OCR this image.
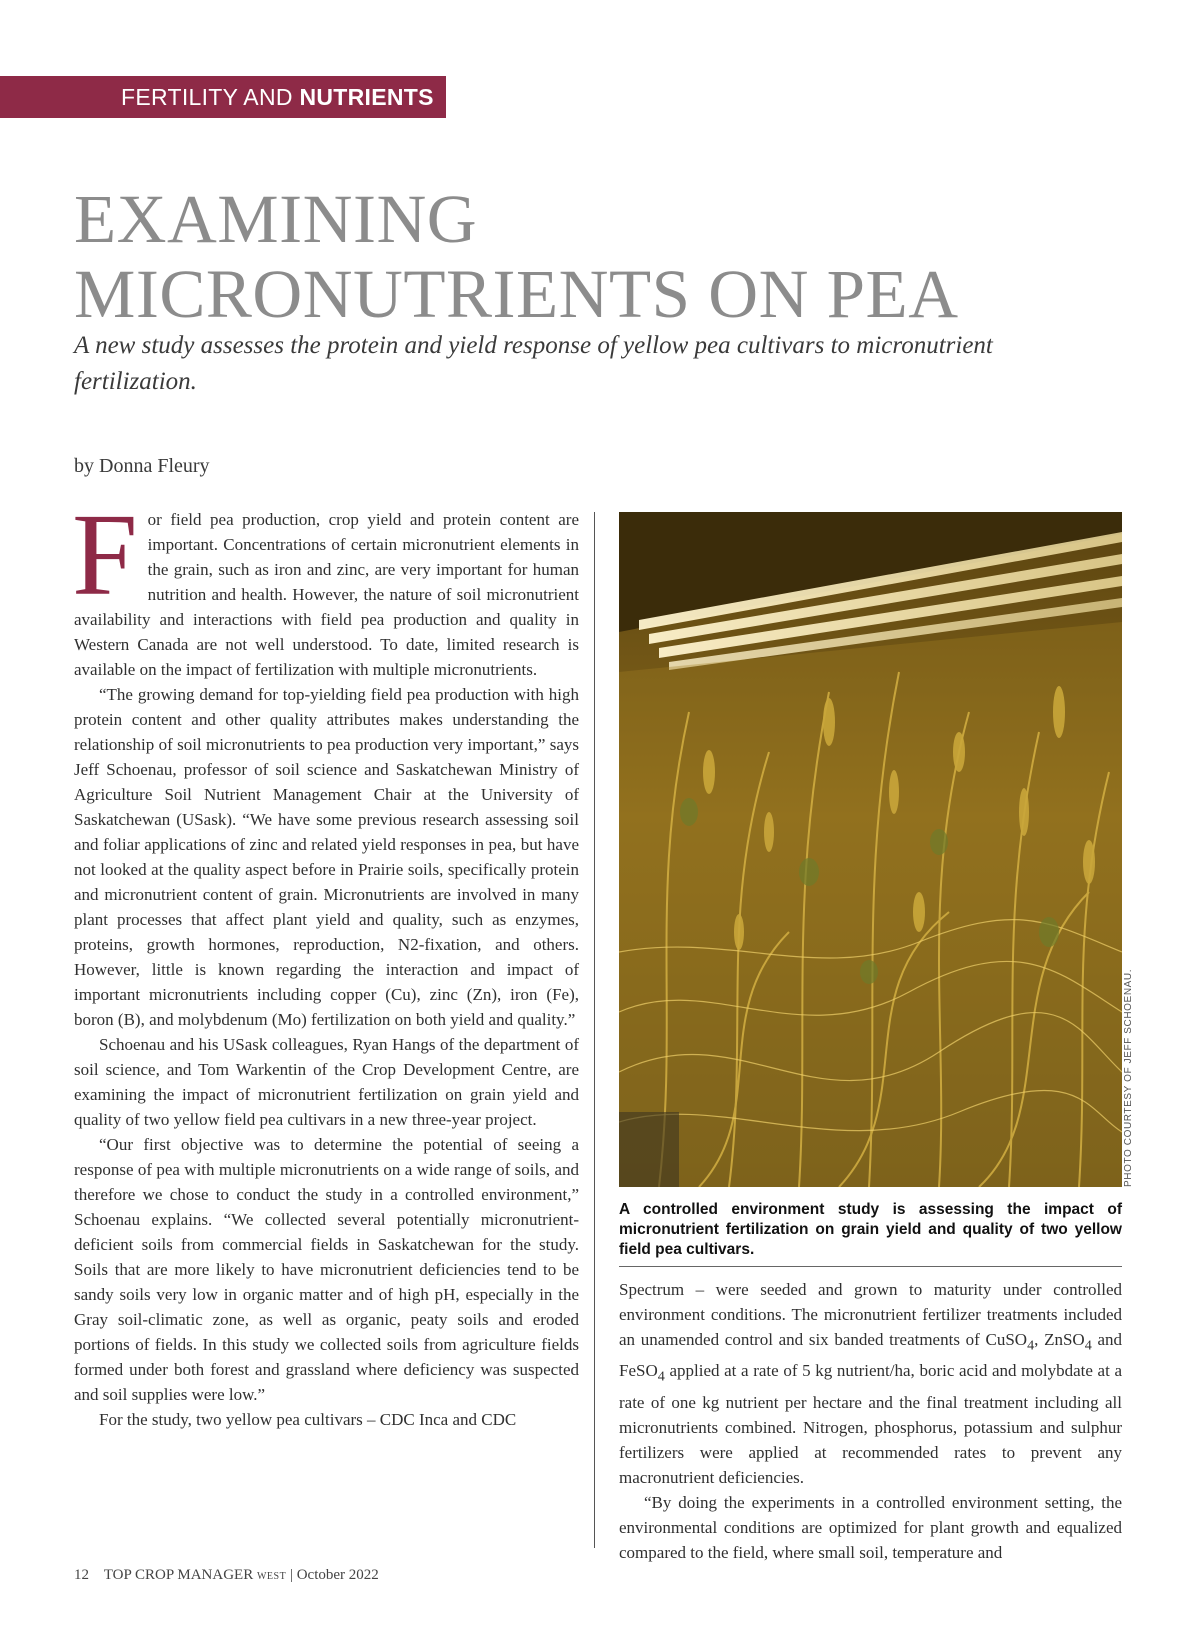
FERTILITY AND NUTRIENTS
EXAMINING
MICRONUTRIENTS ON PEA

A new study assesses the protein and yield response of yellow pea cultivars to micronutrient fertilization.

by Donna Fleury

For field pea production, crop yield and protein content are important. Concentrations of certain micronutrient elements in the grain, such as iron and zinc, are very important for human nutrition and health. However, the nature of soil micronutrient availability and interactions with field pea production and quality in Western Canada are not well understood. To date, limited research is available on the impact of fertilization with multiple micronutrients.

“The growing demand for top-yielding field pea production with high protein content and other quality attributes makes understanding the relationship of soil micronutrients to pea production very important,” says Jeff Schoenau, professor of soil science and Saskatchewan Ministry of Agriculture Soil Nutrient Management Chair at the University of Saskatchewan (USask). “We have some previous research assessing soil and foliar applications of zinc and related yield responses in pea, but have not looked at the quality aspect before in Prairie soils, specifically protein and micronutrient content of grain. Micronutrients are involved in many plant processes that affect plant yield and quality, such as enzymes, proteins, growth hormones, reproduction, N2-fixation, and others. However, little is known regarding the interaction and impact of important micronutrients including copper (Cu), zinc (Zn), iron (Fe), boron (B), and molybdenum (Mo) fertilization on both yield and quality.”

Schoenau and his USask colleagues, Ryan Hangs of the department of soil science, and Tom Warkentin of the Crop Development Centre, are examining the impact of micronutrient fertilization on grain yield and quality of two yellow field pea cultivars in a new three-year project.

“Our first objective was to determine the potential of seeing a response of pea with multiple micronutrients on a wide range of soils, and therefore we chose to conduct the study in a controlled environment,” Schoenau explains. “We collected several potentially micronutrient-deficient soils from commercial fields in Saskatchewan for the study. Soils that are more likely to have micronutrient deficiencies tend to be sandy soils very low in organic matter and of high pH, especially in the Gray soil-climatic zone, as well as organic, peaty soils and eroded portions of fields. In this study we collected soils from agriculture fields formed under both forest and grassland where deficiency was suspected and soil supplies were low.”

For the study, two yellow pea cultivars – CDC Inca and CDC

PHOTO COURTESY OF JEFF SCHOENAU.
A controlled environment study is assessing the impact of micronutrient fertilization on grain yield and quality of two yellow field pea cultivars.

Spectrum – were seeded and grown to maturity under controlled environment conditions. The micronutrient fertilizer treatments included an unamended control and six banded treatments of CuSO$_4$, ZnSO$_4$ and FeSO$_4$ applied at a rate of 5 kg nutrient/ha, boric acid and molybdate at a rate of one kg nutrient per hectare and the final treatment including all micronutrients combined. Nitrogen, phosphorus, potassium and sulphur fertilizers were applied at recommended rates to prevent any macronutrient deficiencies.

“By doing the experiments in a controlled environment setting, the environmental conditions are optimized for plant growth and equalized compared to the field, where small soil, temperature and

12 TOP CROP MANAGER WEST | October 2022
